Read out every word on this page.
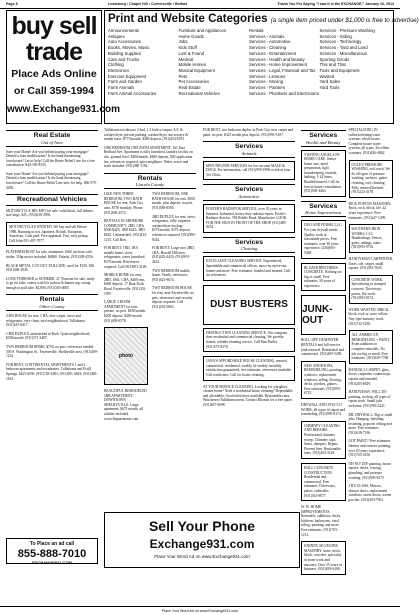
Page 8	Lewisburg • Chapel Hill • Cornersville • Belfast	Thank You For Saying "I saw it in the EXCHANGE," January 16, 2014
buy sell
trade
Place Ads Online
or Call 359-1994
www.Exchange931.com
Print and Website Categories (a single item priced under $1,000 is free to advertise)
Announcements
Antiques
Auto Accessories
Books, Movies, Music
Building Supplies
Cars and Trucks
Clothing
Electronics
Exercise Equipment
Farm and Garden
Farm Animals
Farm Animal Accessories
Furniture and Appliances
Home Goods
Jobs
Kids Stuff
Lost & Found
Medical
Mobile Homes
Musical Equipment
Pets
Pet Accessories
Real Estate
Recreational Vehicles
Rentals
Services - Animals
Services - Automotive
Services - Cleaning
Services - Entertainment
Services - Health and Beauty
Services - Home Improvement
Services - Legal, Financial and Tax
Services - Lessons
Services - Moving
Services - Painters
Services - Plumbers and Electricians
Services - Pressure Washing
Services - Siding
Services - Technology
Services - Yard and Land
Services - Miscellaneous
Sporting Goods
This and That
Tools and Equipment
Wanted
Yard Sales
Yard Tools
Real Estate
Out of Area
Save your Home! Are you behind paying your mortgage? Denied a loan modification? Is the bank threatening foreclosure? Let us help! Call the Home Relief Line for a free consultation. 844-339-8350.
Save your Home! Are you behind paying your mortgage? Denied a loan modification? Is the bank threatening foreclosure? Call the Home Relief Line now for help. 866-579-4290.
Recreational Vehicles
MOTORCYCLE HELMET for sale, solid black, full helmet, size large. $25. (931)638-2956.
MOTORCYCLES WANTED. We buy and sell Before 1980. Running or not. Japanese, British, European, American. Cash paid. Free appraisal. Fast, easy pickup. Call John 931-407-7077.
PLATFORM BOAT for sale, aluminum, 1660 jon boat with trailer, 35hp motor included. $4000. Pulaski, (931)309-4556.
BLACK METAL CUT-OUT TAILGATE, used for F150. $50. (931)368-2945.
LOOK FORWARD to SUMMER. 21' Pontoon for sale, ready to go for lake, comes with life jackets & bimini top, strong enough to pull tube. $2,800. (931)305-4065.
Rentals
Other County
2-BD HOUSE for rent, CHA, new carpet, stove and refrigerator, very clean, nice neighborhood, Tullahoma. (931)247-6417.
1-BD DUPLEX unfurnished in Ruth. Quiet neighborhood, $350/month. (931)571-3487.
TWO BEDROOM HOME, $750, no pets, references needed. 300 S. Washington St., Fayetteville. Shelbyville area. (931)409-1232.
FOR RENT, CONTINENTAL APARTMENTS 1 and 2 bedroom apartments and townhomes. Tullahoma and Estill Springs. $425-$550. (931)728-3483; (931)581-4843; (931)469-1631.
To Place an ad call
855-888-7010
EXCHANGE931.COM
Tullahoma townhouse 2-bed, 1.5 bath w/carpet, A/C & washer/dryer, private parking, washer/dryer, microwave & month lease. $775/month. $400 deposit. (931)454-6781.
ONE BEDROOM ONE BATH APARTMENT, 161 East Bedford Ave. Apartment is fully furnished, laundry facility on site, ground level. $400/month, $400 deposit, $30 application fee, references required, quiet neighbors. Water, sewer and trash included. (931)580-1182.
Rentals
Lincoln County
LIKE NEW THREE BEDROOM, TWO BATH HOUSE for rent, Park City area. $750 monthly. Phone (931)638-4572.
RENTALS IN ARDMORE COMMUNITY. 2BD, CHA $500/$425; 1BD $425; 3BD $625. Unfurnished. (931)434-1215. Call Ben.
FOR RENT, 1BD, 1BA mobile home, stove, refrigerator, water furnished. $375/month. References required. Call (931)993-3128.
MOBILE HOME for rent, 2BD, 1BA, CHA, $400 rent, $400 deposit. 17 Boat Dock Road, Fayetteville. (931)301-1997.
LARGE 3 ROOM APARTMENT for rent, private, no pets. $450/month. $200 deposit, $400 month. (931)409-6578.
photo
BEAUTIFUL REMODELED 1BR APARTMENT, DOWNTOWN SHELBYVILLE. Large apartment, $675 month, all utilities included. www.fbapartments.com.
TWO BEDROOM, ONE BATH HOUSE for rent, $500 month, plus deposit, no pets. (931)580-8585.
2BD DUPLEX for rent, stove, refrigerator, fully carpeted, washer/dryer hookup. $375/month, $375 deposit, references required. (931)993-9244.
FOR RENT: Large nice 2BD, 1BA, Howell Hill area. (931)425-4423; (931)993-4612.
TWO BEDROOM mobile home. Yearly, references. (931)625-9674.
TWO BEDROOM HOUSE for rent, near Fayetteville, no pets, references and security deposit required. Call (931)433-5803.
FOR RENT, two bedroom duplex in Park City, new carpet and paint, no pets, $325 month plus deposit. (931)993-3107.
Services
Animals
SPAY/NEUTER SERVICES for low income MALE & DOGS. For information, call (931)993-1998 or ask at your Vet Clinic.
Services
Automotive
FOSTER'S RADIATOR SERVICE, over 35 years in business. Industrial, heavy-duty radiator repair. Foster's Radiator Service, 768 Riddle Road, Manchester. LOOK FOR THE SIGN IN FRONT OF THE SHOP. (931)489-8454.
Services
Cleaning
EXCELLENT CLEANING SERVICE. Experienced, dependable and commercial offices, move-in, move-out, homes and more. Free estimates, bonded and insured. Call for references.
DUST BUSTERS
DESTRUCTION CLEANING SERVICE. Our company does residential and commercial cleaning. We provide honest, reliable cleaning service. Call Pam Bailey. (931)575-8278.
JANA'S AFFORDABLE HOUSE CLEANING, insured, commercial, residential, weekly, bi-weekly, monthly, satisfaction guaranteed, free estimates, references available. Gift certificates. Call for house cleaning.
AT YOUR SERVICE CLEANING. Looking for a brighter, cleaner home? Need a residential house cleaning? Dependable and affordable. Good references available. Reasonable rates. Winchester/Tullahoma areas. Contact Rhonda for a free quote. (931)607-9698.
Services
Health and Beauty
VISITING ANGELS IN-HOME CARE. Senior home care, meal preparation, light housekeeping, errands, bathing, 1-24 hours. Bonded/insured. Call for free in-home consultation. (931)500-4463.
Services
Home Improvement
DUO AND FINISH, LLC. For your drywall needs. Quality work at reasonable prices. Free estimates, over 30 years experience. (256)603-5048.
BLAZER BROTHERS CONCRETE. Nothing too big or small. Free estimates. 30 years of experience.
JUNK-OUT
ROLL-OFF DUMPSTER RENTALS and full-service junk removal. Residential and commercial. (931)409-5290.
NEW ADDITIONS, REMODELING, painting, windows, replacement windows, siding, flooring, decks, porches, gutters. Free estimates. (931)993-6725.
DRYWALL AND STUCCO WORK, all types of repair and remodeling. (931)993-8174.
CHIMNEY CLEANING AND REPAIRS. Professional chimney sweep. Chimney caps, liners, dampers, Repair, Prevent fires. Reasonable rates. (931)204-3128.
HALL CONCRETE CONSTRUCTION. Residential and commercial. Free estimates. Driveways, patios, sidewalks. (931)361-9877.
W. W. HOME IMPROVEMENTS. Remodels, additions, decks, kitchens, bathrooms, vinyl siding, painting, and more. Free estimates. (931)703-1213.
JOHNNY SILVESTER MASONRY, stone, brick, block, concrete, speciality in stone work and masonry. Over 35 years in business. (931)639-6408.
SPECIALIZING IN sulfur/softening/water systems, whole house. Complete house water systems, all types. Excellent warranty. (931)626-4862.
OGLE'S PRESSURE WASHING, soft wash. We do all types of pressure washing, surfaces, gutter cleaning, roof cleaning. Fully insured/licensed. (931)224-4178.
RICK POSTON MASONRY: Brick, rock, block, tile. 42 years experience. Free estimates. (931)247-1299.
SOUTHERN IRON WORKS, LLC. Handrailings. Fences, gates, railings, stairs. (931)993-9716.
HANDYMAN-CARPENTER, floors, tile, carpet, small repairs. (931)581-7045.
CONCRETE WORK: Specializing in stamped concrete. Driveways, patios, flat work. (931)993-8174.
WORK WANTED: BRICK, block, rock or stove cellars. Any type masonry work. (931)732-5180.
ALL AMERICAN REMODELING + PAINT. From additions to complete remodels. No job too big or small. Free estimates. (931)639-7768.
RANDALL CARPET, glass, doors, carpenter, countertops, repairs and remodel. (931)205-6829.
HANDYMAN: WILL DO painting, roofing, all types of repair work. Small jobs welcome. (931)993-2241.
DR. DRYWALL: Big or small jobs. Hanging, finishing, texturing, popcorn ceiling and more. Free estimates. (931)638-7196.
GOT PAINT? Free estimates. Interior and exterior painting, over 20 years experience. (931)703-0150.
OH NO! DIY painting, house repairs, decks, fencing, plumbing, and pressure washing. (931)993-8175.
J B'S GLASS, Mirrors, shower doors, replacement windows, storm doors, screen porches. (931)493-7961.
Sell Your Phone
Exchange931.com
Place Your Word Ad on www.Exchange931.com
Place Your Word Ad on www.Exchange931.com
